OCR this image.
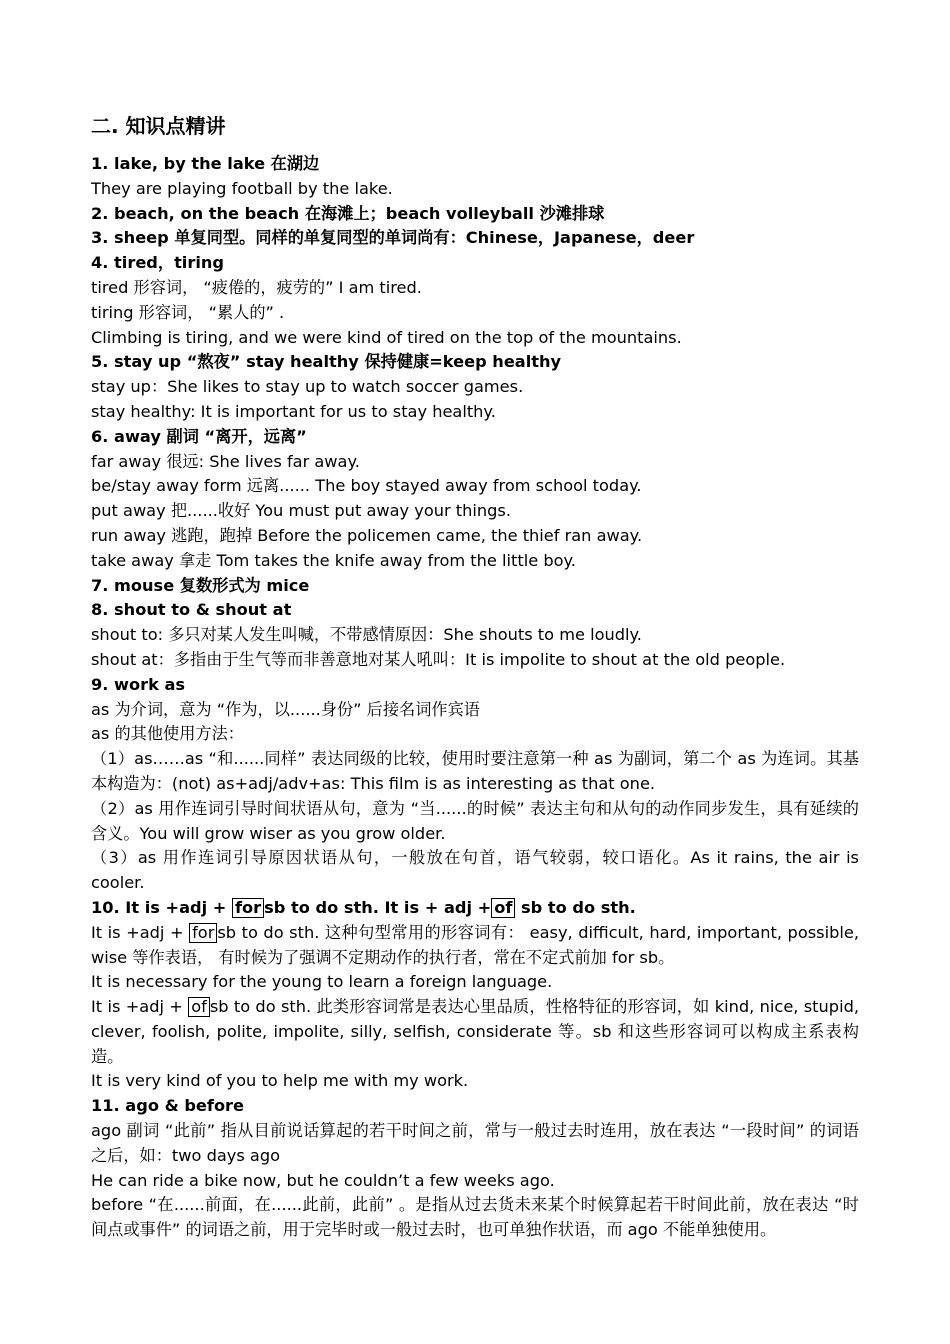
二. 知识点精讲
1. lake, by the lake 在湖边
They are playing football by the lake.
2. beach, on the beach 在海滩上；beach volleyball 沙滩排球
3. sheep 单复同型。同样的单复同型的单词尚有：Chinese，Japanese，deer
4. tired，tiring
tired 形容词， “疲倦的，疲劳的” I am tired.
tiring 形容词， “累人的” .
Climbing is tiring, and we were kind of tired on the top of the mountains.
5. stay up “熬夜” stay healthy 保持健康=keep healthy
stay up：She likes to stay up to watch soccer games.
stay healthy: It is important for us to stay healthy.
6. away 副词 “离开，远离”
far away 很远: She lives far away.
be/stay away form 远离...... The boy stayed away from school today.
put away 把......收好 You must put away your things.
run away 逃跑，跑掉 Before the policemen came, the thief ran away.
take away 拿走 Tom takes the knife away from the little boy.
7. mouse 复数形式为 mice
8. shout to & shout at
shout to: 多只对某人发生叫喊，不带感情原因：She shouts to me loudly.
shout at：多指由于生气等而非善意地对某人吼叫：It is impolite to shout at the old people.
9. work as
as 为介词，意为 “作为，以......身份” 后接名词作宾语
as 的其他使用方法：
（1）as……as “和......同样” 表达同级的比较，使用时要注意第一种 as 为副词，第二个 as 为连词。其基本构造为：(not) as+adj/adv+as: This film is as interesting as that one.
（2）as 用作连词引导时间状语从句，意为 “当......的时候” 表达主句和从句的动作同步发生，具有延续的含义。You will grow wiser as you grow older.
（3）as 用作连词引导原因状语从句，一般放在句首，语气较弱，较口语化。As it rains, the air is cooler.
10. It is +adj + forsb to do sth. It is + adj + of sb to do sth.
It is +adj + forsb to do sth. 这种句型常用的形容词有： easy, difficult, hard, important, possible, wise 等作表语， 有时候为了强调不定期动作的执行者，常在不定式前加 for sb。
It is necessary for the young to learn a foreign language.
It is +adj + ofsb to do sth. 此类形容词常是表达心里品质，性格特征的形容词，如 kind, nice, stupid, clever, foolish, polite, impolite, silly, selfish, considerate 等。sb 和这些形容词可以构成主系表构造。
It is very kind of you to help me with my work.
11. ago & before
ago 副词 “此前” 指从目前说话算起的若干时间之前，常与一般过去时连用，放在表达 “一段时间” 的词语之后，如：two days ago
He can ride a bike now, but he couldn’t a few weeks ago.
before “在......前面，在......此前，此前” 。是指从过去货未来某个时候算起若干时间此前，放在表达 “时间点或事件” 的词语之前，用于完毕时或一般过去时，也可单独作状语，而 ago 不能单独使用。
